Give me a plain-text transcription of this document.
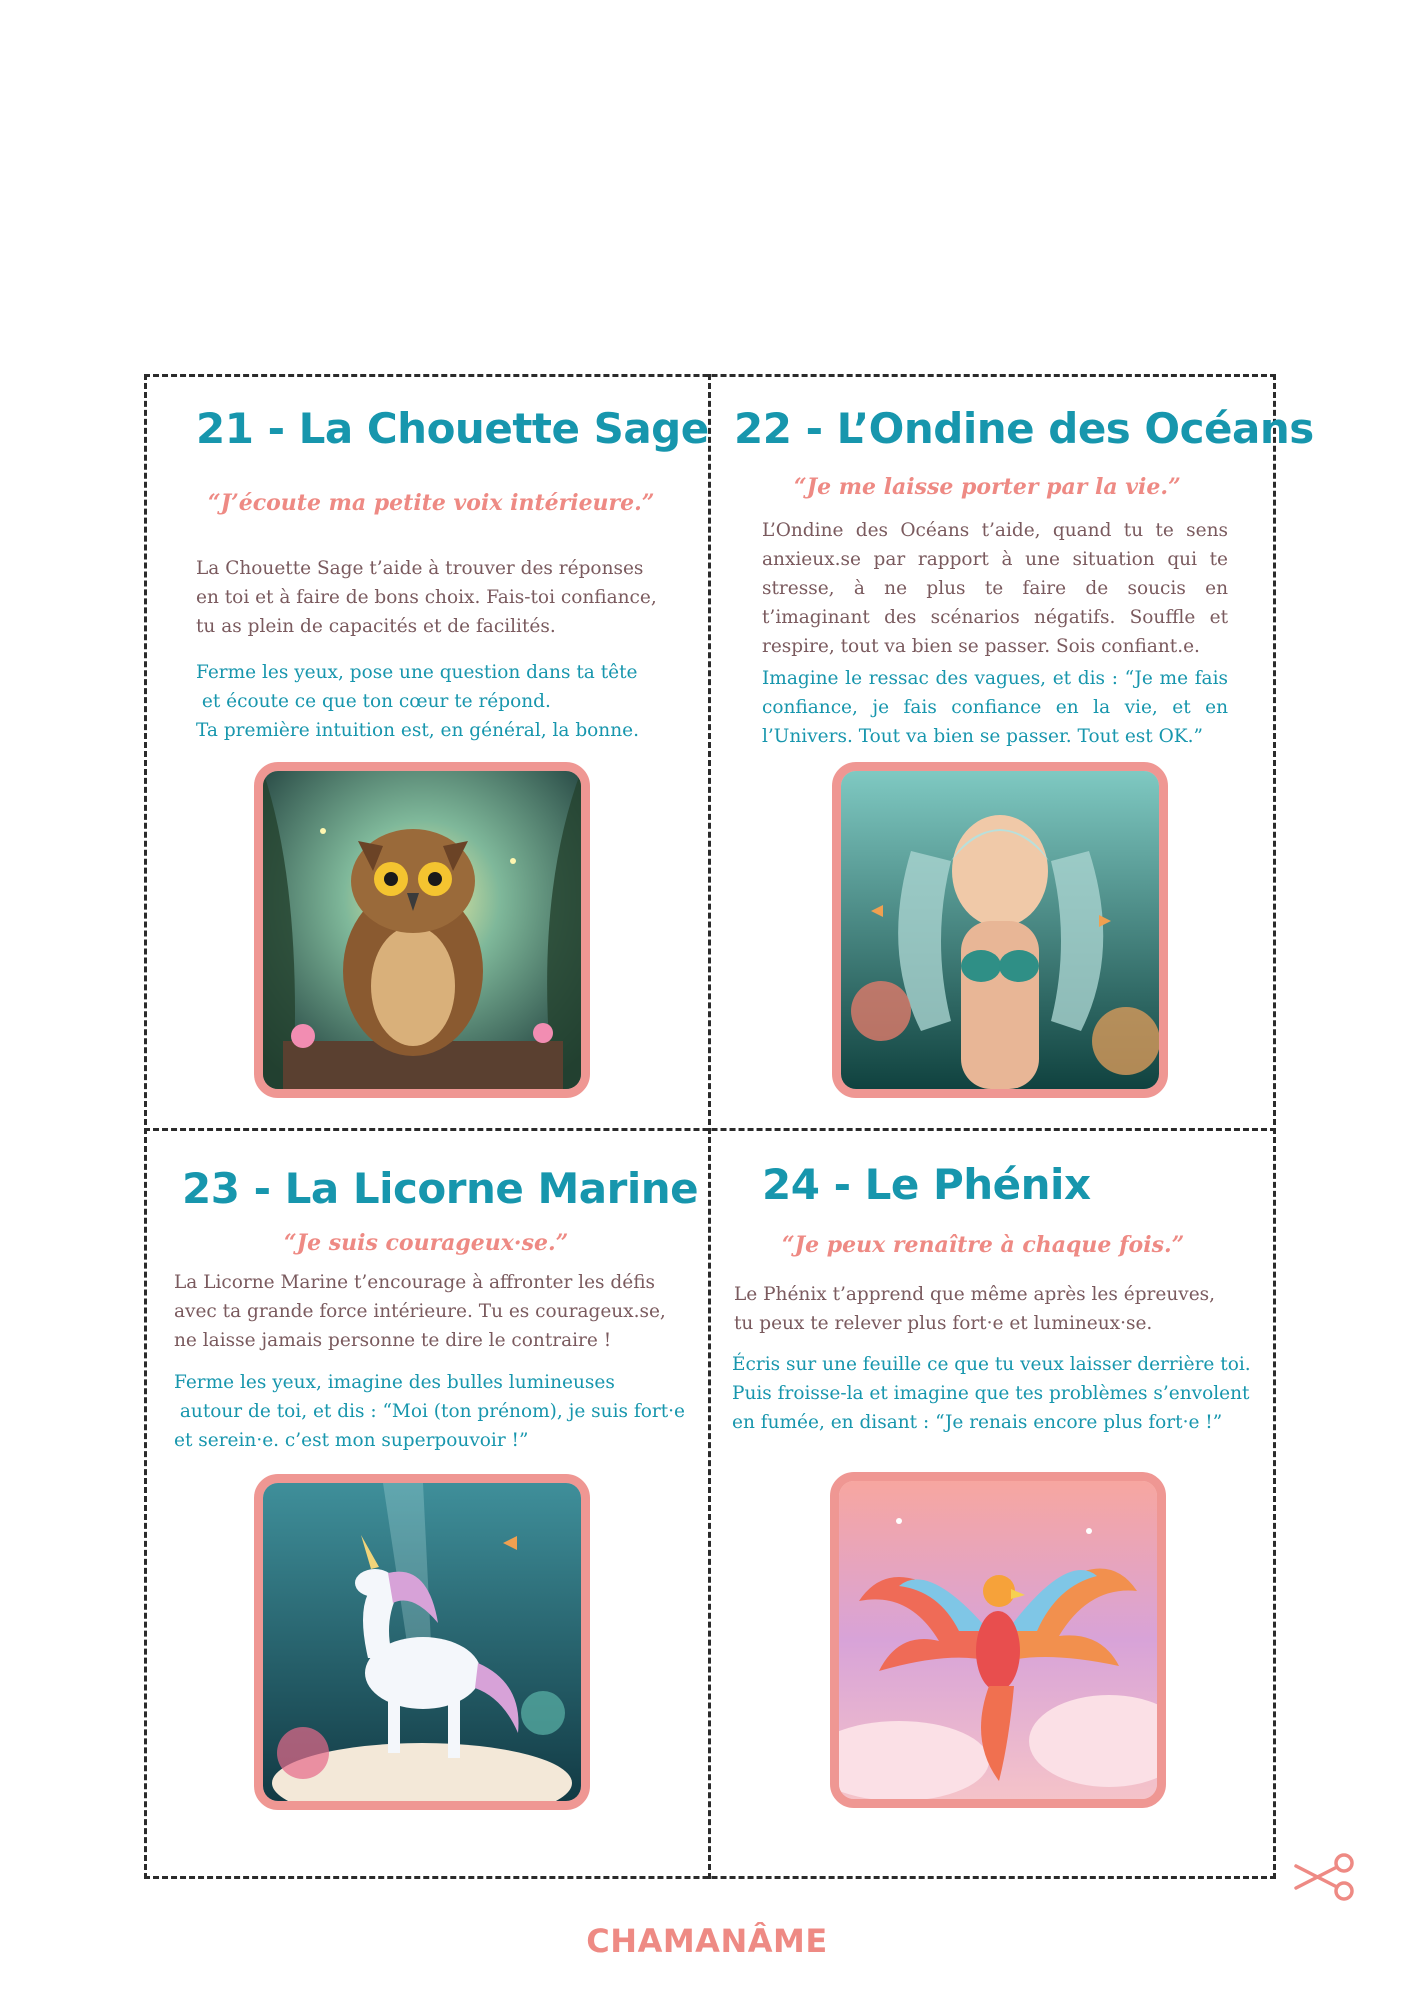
21 - La Chouette Sage

“J’écoute ma petite voix intérieure.”

La Chouette Sage t’aide à trouver des réponses
en toi et à faire de bons choix. Fais-toi confiance,
tu as plein de capacités et de facilités.

Ferme les yeux, pose une question dans ta tête
et écoute ce que ton cœur te répond.
Ta première intuition est, en général, la bonne.

22 - L’Ondine des Océans

“Je me laisse porter par la vie.”

L’Ondine des Océans t’aide, quand tu te sens anxieux.se par rapport à une situation qui te stresse, à ne plus te faire de soucis en t’imaginant des scénarios négatifs. Souffle et respire, tout va bien se passer. Sois confiant.e.

Imagine le ressac des vagues, et dis : “Je me fais confiance, je fais confiance en la vie, et en l’Univers. Tout va bien se passer. Tout est OK.”

23 - La Licorne Marine

“Je suis courageux·se.”

La Licorne Marine t’encourage à affronter les défis
avec ta grande force intérieure. Tu es courageux.se,
ne laisse jamais personne te dire le contraire !

Ferme les yeux, imagine des bulles lumineuses
autour de toi, et dis : “Moi (ton prénom), je suis fort·e
et serein·e. c’est mon superpouvoir !”

24 - Le Phénix

“Je peux renaître à chaque fois.”

Le Phénix t’apprend que même après les épreuves,
tu peux te relever plus fort·e et lumineux·se.

Écris sur une feuille ce que tu veux laisser derrière toi.
Puis froisse-la et imagine que tes problèmes s’envolent
en fumée, en disant : “Je renais encore plus fort·e !”

CHAMANÂME
